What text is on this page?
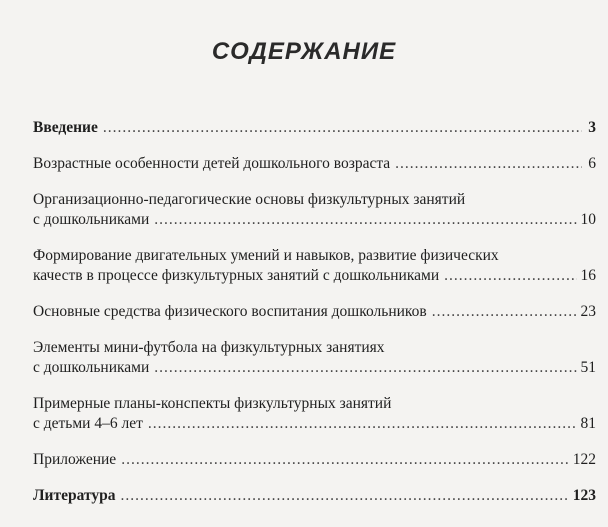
СОДЕРЖАНИЕ
Введение .....	3
Возрастные особенности детей дошкольного возраста .....	6
Организационно-педагогические основы физкультурных занятий
с дошкольниками .....	10
Формирование двигательных умений и навыков, развитие физических
качеств в процессе физкультурных занятий с дошкольниками .....	16
Основные средства физического воспитания дошкольников .....	23
Элементы мини-футбола на физкультурных занятиях
с дошкольниками .....	51
Примерные планы-конспекты физкультурных занятий
с детьми 4–6 лет .....	81
Приложение .....	122
Литература .....	123
